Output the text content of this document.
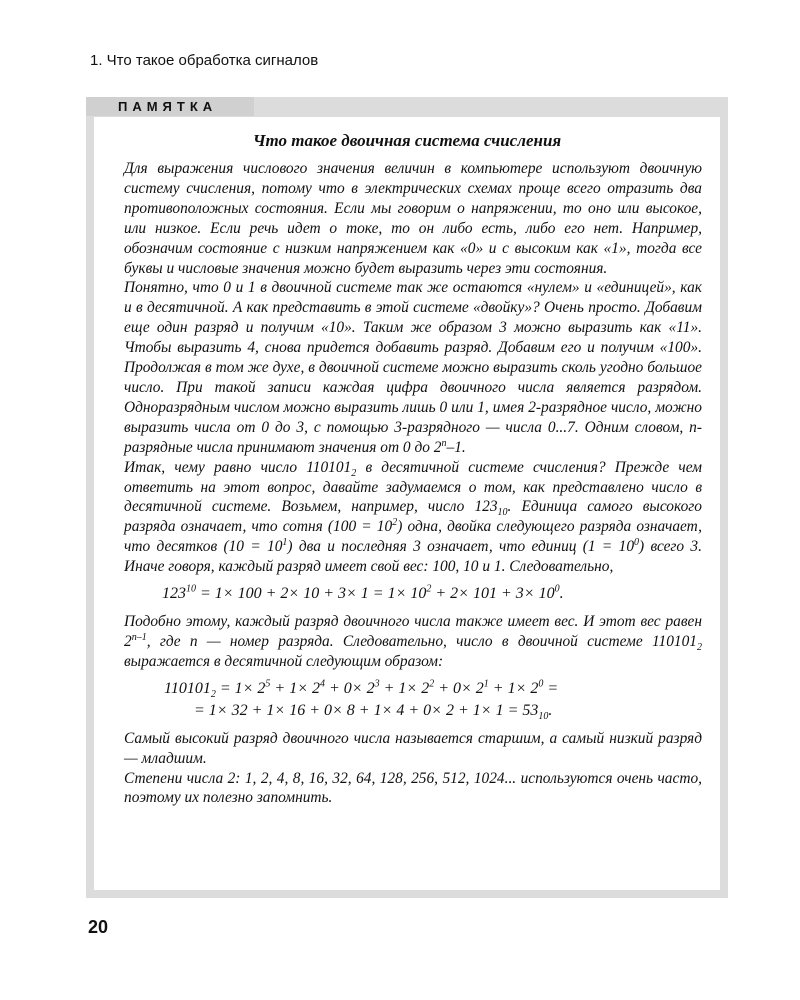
1. Что такое обработка сигналов
ПАМЯТКА
Что такое двоичная система счисления

Для выражения числового значения величин в компьютере используют двоичную систему счисления, потому что в электрических схемах проще всего отразить два противоположных состояния. Если мы говорим о напряжении, то оно или высокое, или низкое. Если речь идет о токе, то он либо есть, либо его нет. Например, обозначим состояние с низким напряжением как «0» и с высоким как «1», тогда все буквы и числовые значения можно будет выразить через эти состояния.

Понятно, что 0 и 1 в двоичной системе так же остаются «нулем» и «единицей», как и в десятичной. А как представить в этой системе «двойку»? Очень просто. Добавим еще один разряд и получим «10». Таким же образом 3 можно выразить как «11». Чтобы выразить 4, снова придется добавить разряд. Добавим его и получим «100». Продолжая в том же духе, в двоичной системе можно выразить сколь угодно большое число. При такой записи каждая цифра двоичного числа является разрядом. Одноразрядным числом можно выразить лишь 0 или 1, имея 2-разрядное число, можно выразить числа от 0 до 3, с помощью 3-разрядного — числа 0...7. Одним словом, n-разрядные числа принимают значения от 0 до 2$^n$–1.

Итак, чему равно число $110101_2$ в десятичной системе счисления? Прежде чем ответить на этот вопрос, давайте задумаемся о том, как представлено число в десятичной системе. Возьмем, например, число $123_{10}$. Единица самого высокого разряда означает, что сотня $(100 = 10^2)$ одна, двойка следующего разряда означает, что десятков $(10 = 10^1)$ два и последняя 3 означает, что единиц $(1 = 10^0)$ всего 3. Иначе говоря, каждый разряд имеет свой вес: 100, 10 и 1. Следовательно,

$123^{10} = 1\times 100 + 2\times 10 + 3\times 1 = 1\times 10^2 + 2\times 101 + 3\times 10^0$.

Подобно этому, каждый разряд двоичного числа также имеет вес. И этот вес равен 2$^{n-1}$, где n — номер разряда. Следовательно, число в двоичной системе $110101_2$ выражается в десятичной следующим образом:

$110101_2 = 1\times 2^5 + 1\times 2^4 + 0\times 2^3 + 1\times 2^2 + 0\times 2^1 + 1\times 2^0$ =
= $1\times 32 + 1\times 16 + 0\times 8 + 1\times 4 + 0\times 2 + 1\times 1 = 53_{10}$.

Самый высокий разряд двоичного числа называется старшим, а самый низкий разряд — младшим.

Степени числа 2: 1, 2, 4, 8, 16, 32, 64, 128, 256, 512, 1024... используются очень часто, поэтому их полезно запомнить.

20
